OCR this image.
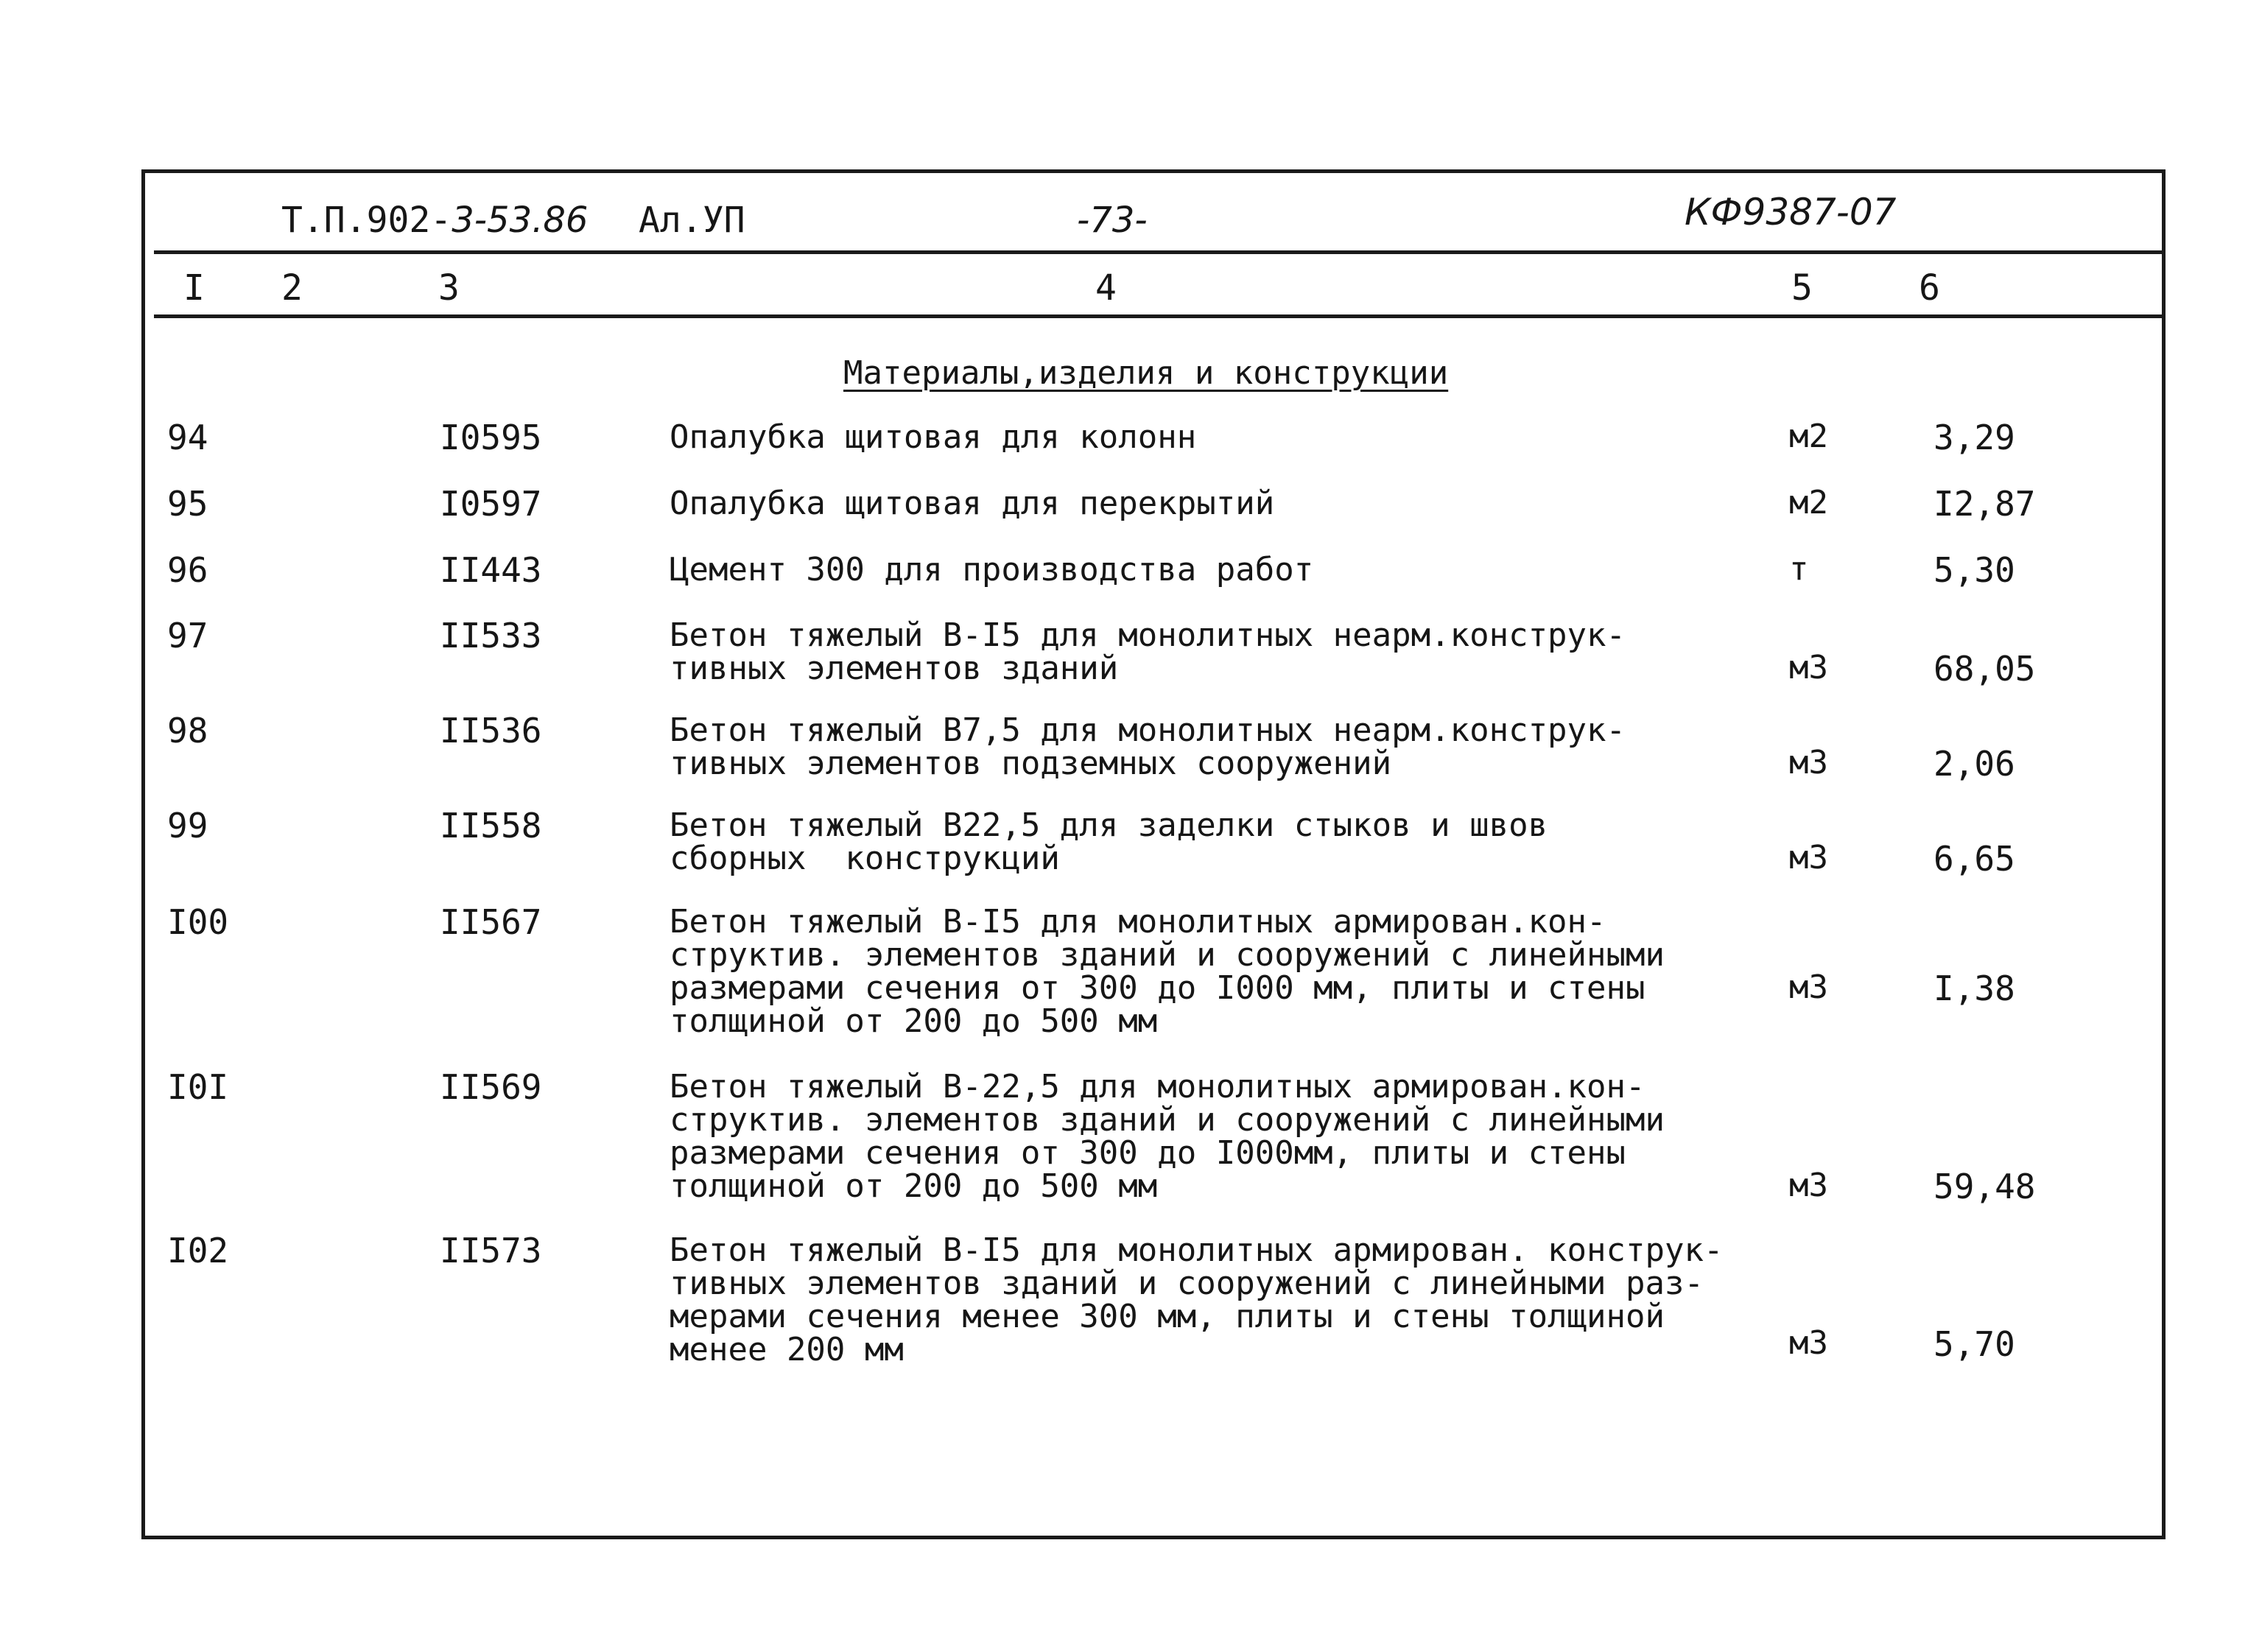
Т.П.902-3-53.86 Ал.УП	-73-	КФ9387-07
I 2	3	4	5	6
Материалы,изделия и конструкции
94	I0595	Опалубка щитовая для колонн	м2	3,29
95	I0597	Опалубка щитовая для перекрытий	м2	I2,87
96	II443	Цемент 300 для производства работ	т	5,30
97	II533	Бетон тяжелый В-I5 для монолитных неарм.конструк-
тивных элементов зданий	м3	68,05
98	II536	Бетон тяжелый В7,5 для монолитных неарм.конструк-
тивных элементов подземных сооружений	м3	2,06
99	II558	Бетон тяжелый В22,5 для заделки стыков и швов
сборных  конструкций	м3	6,65
I00	II567	Бетон тяжелый В-I5 для монолитных армирован.кон-
структив. элементов зданий и сооружений с линейными
размерами сечения от 300 до I000 мм, плиты и стены
толщиной от 200 до 500 мм
м3	I,38
I0I	II569	Бетон тяжелый В-22,5 для монолитных армирован.кон-
структив. элементов зданий и сооружений с линейными
размерами сечения от 300 до I000мм, плиты и стены
толщиной от 200 до 500 мм	м3	59,48
I02	II573	Бетон тяжелый В-I5 для монолитных армирован. конструк-
тивных элементов зданий и сооружений с линейными раз-
мерами сечения менее 300 мм, плиты и стены толщиной
менее 200 мм	м3	5,70
